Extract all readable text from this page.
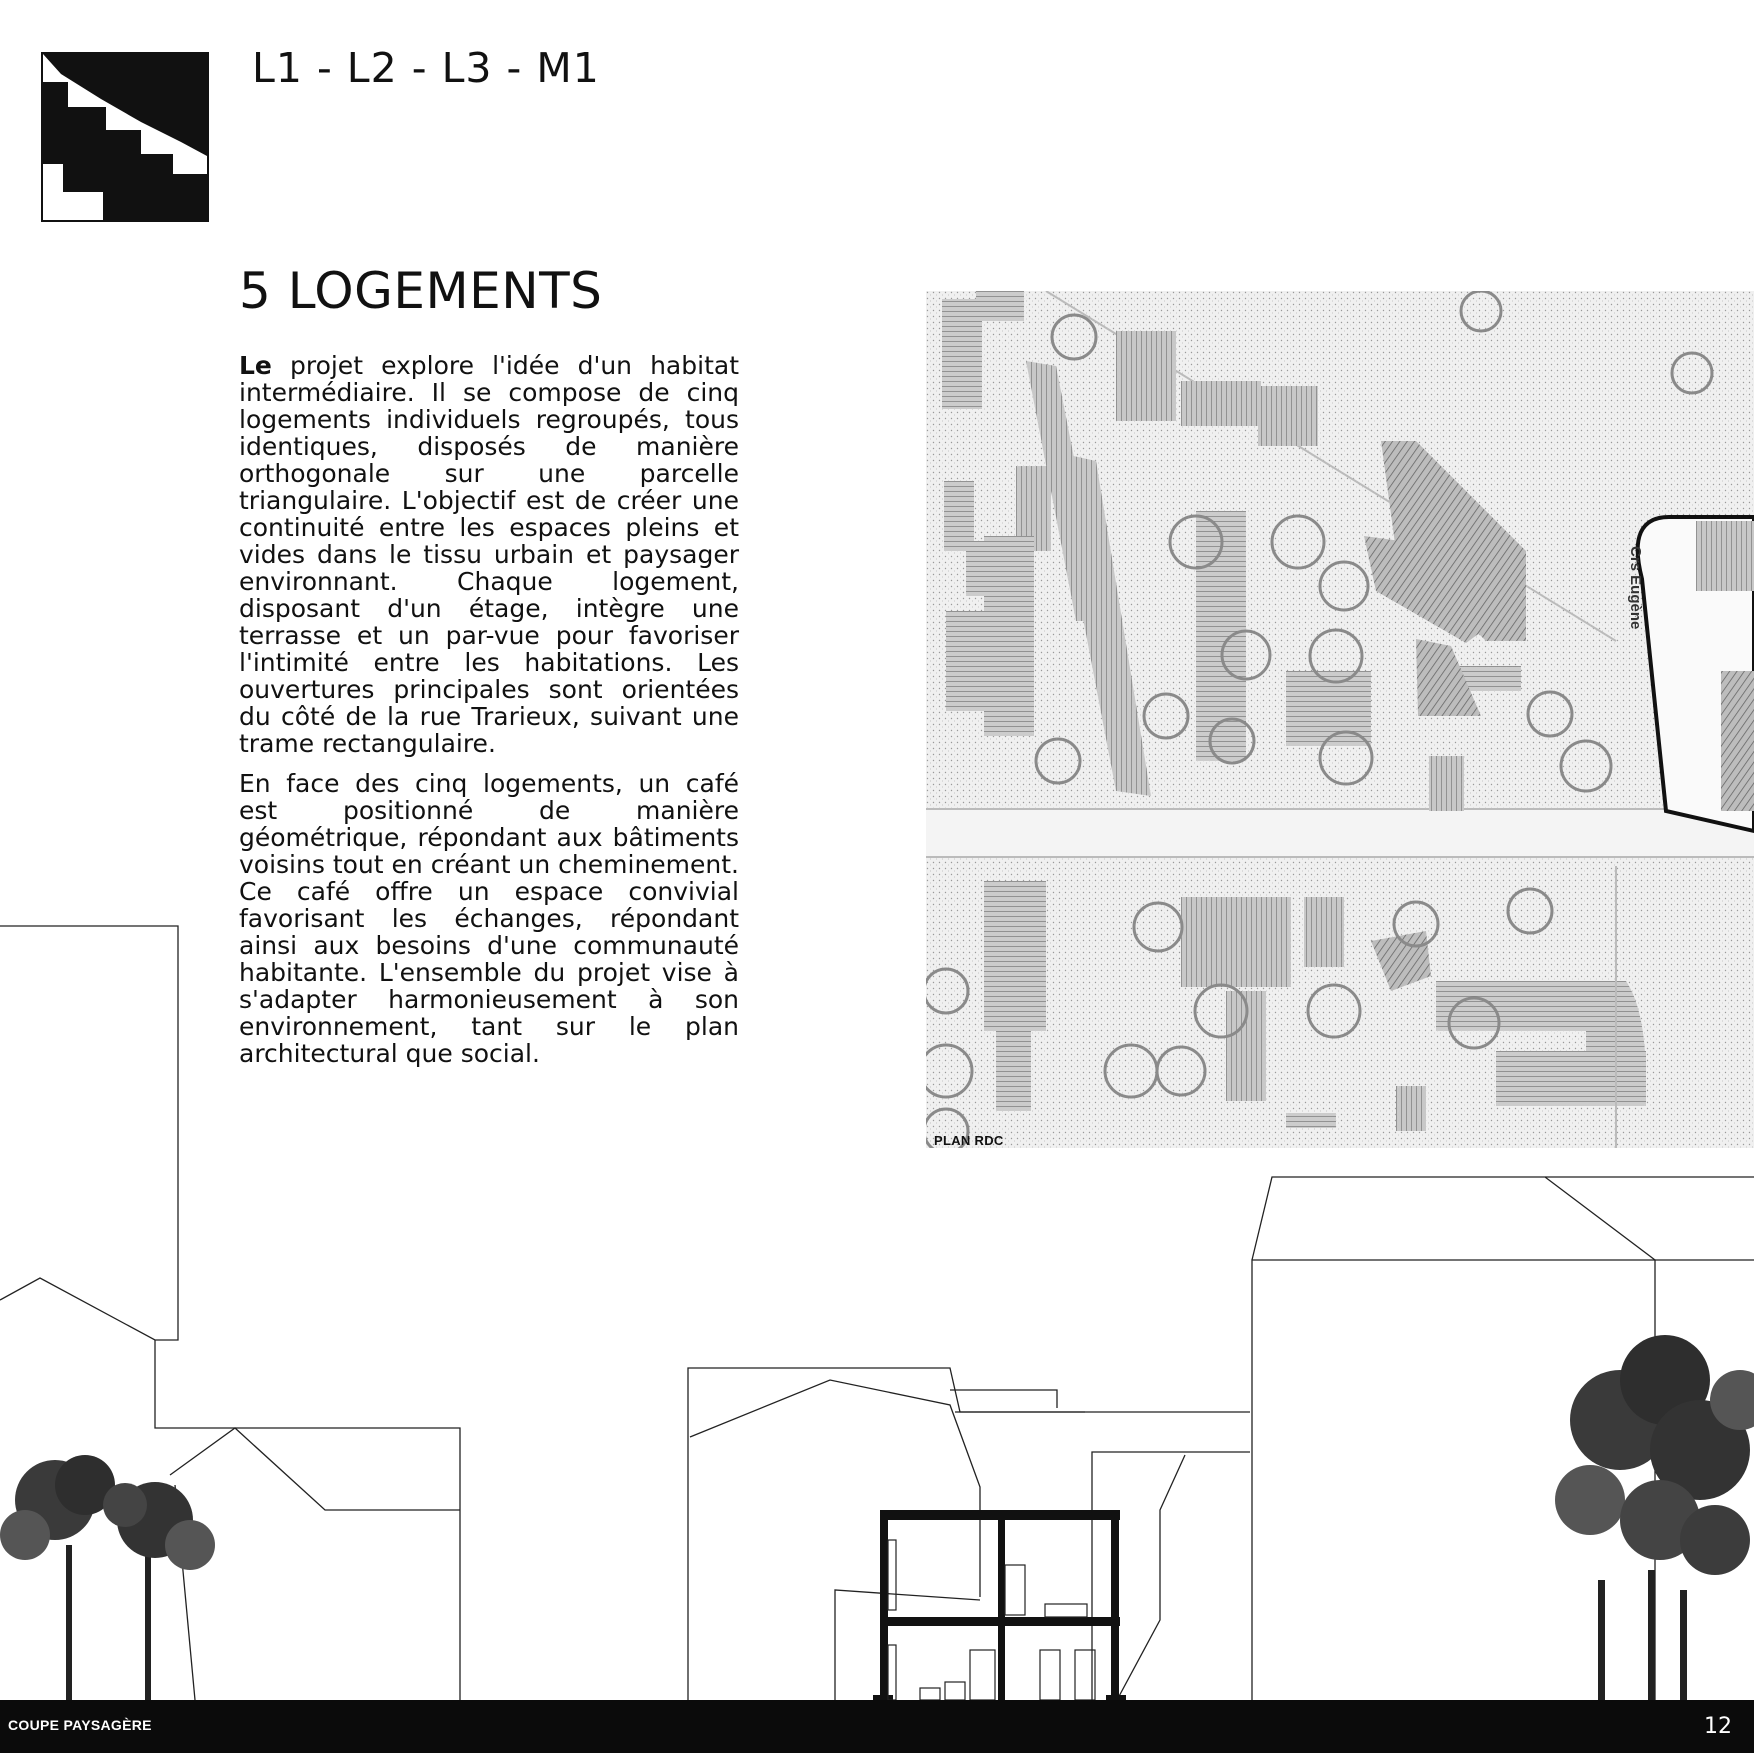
L1 - L2 - L3 - M1
5 LOGEMENTS
Le projet explore l'idée d'un habitat intermédiaire. Il se compose de cinq logements individuels regroupés, tous identiques, disposés de manière orthogonale sur une parcelle triangulaire. L'objectif est de créer une continuité entre les espaces pleins et vides dans le tissu urbain et paysager environnant. Chaque logement, disposant d'un étage, intègre une terrasse et un par-vue pour favoriser l'intimité entre les habitations. Les ouvertures principales sont orientées du côté de la rue Trarieux, suivant une trame rectangulaire.
En face des cinq logements, un café est positionné de manière géométrique, répondant aux bâtiments voisins tout en créant un cheminement. Ce café offre un espace convivial favorisant les échanges, répondant ainsi aux besoins d'une communauté habitante. L'ensemble du projet vise à s'adapter harmonieusement à son environnement, tant sur le plan architectural que social.
Crs Eugène
PLAN RDC
COUPE PAYSAGÈRE	12
